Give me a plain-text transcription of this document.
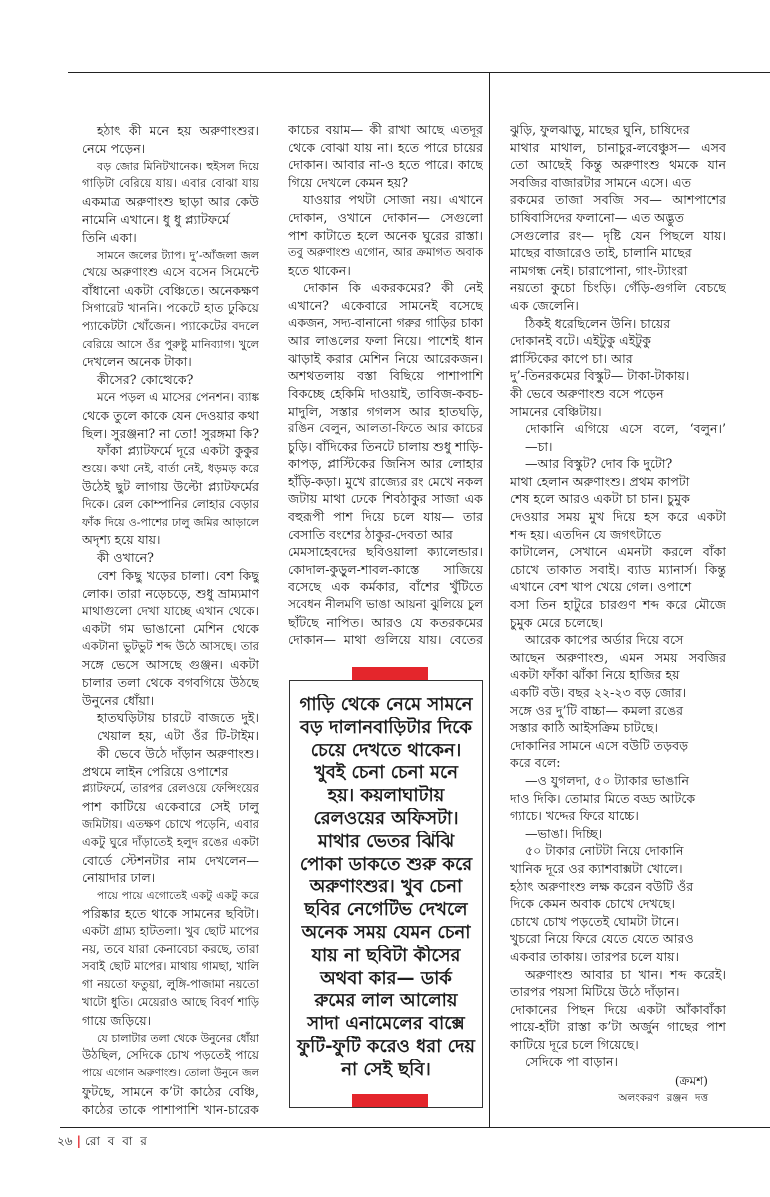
হঠাৎ কী মনে হয় অরুণাংশুর।
নেমে পড়েন।
বড় জোর মিনিটখানেক। হুইসল দিয়ে
গাড়িটা বেরিয়ে যায়। এবার বোঝা যায়
একমাত্র অরুণাংশু ছাড়া আর কেউ
নামেনি এখানে। ধু ধু প্ল্যাটফর্মে
তিনি একা।
সামনে জলের ট্যাপ। দু’-আঁজলা জল
খেয়ে অরুণাংশু এসে বসেন সিমেন্টে
বাঁধানো একটা বেঞ্চিতে। অনেকক্ষণ
সিগারেট খাননি। পকেটে হাত ঢুকিয়ে
প্যাকেটটা খোঁজেন। প্যাকেটের বদলে
বেরিয়ে আসে ওঁর পুরুষ্টু মানিব্যাগ। খুলে
দেখলেন অনেক টাকা।
কীসের? কোত্থেকে?
মনে পড়ল এ মাসের পেনশন। ব্যাঙ্ক
থেকে তুলে কাকে যেন দেওয়ার কথা
ছিল। সুরঞ্জনা? না তো! সুরঙ্গমা কি?
ফাঁকা প্ল্যাটফর্মে দূরে একটা কুকুর
শুয়ে। কথা নেই, বার্তা নেই, ধড়মড় করে
উঠেই ছুট লাগায় উল্টো প্ল্যাটফর্মের
দিকে। রেল কোম্পানির লোহার বেড়ার
ফাঁক দিয়ে ও-পাশের ঢালু জমির আড়ালে
অদৃশ্য হয়ে যায়।
কী ওখানে?
বেশ কিছু খড়ের চালা। বেশ কিছু
লোক। তারা নড়েচড়ে, শুধু ভ্রাম্যমাণ
মাথাগুলো দেখা যাচ্ছে এখান থেকে।
একটা গম ভাঙানো মেশিন থেকে
একটানা ভুটভুট শব্দ উঠে আসছে। তার
সঙ্গে ভেসে আসছে গুঞ্জন। একটা
চালার তলা থেকে বগবগিয়ে উঠছে
উনুনের ধোঁয়া।
হাতঘড়িটায় চারটে বাজতে দুই।
খেয়াল হয়, এটা ওঁর টি-টাইম।
কী ভেবে উঠে দাঁড়ান অরুণাংশু।
প্রথমে লাইন পেরিয়ে ওপাশের
প্ল্যাটফর্মে, তারপর রেলওয়ে ফেন্সিংয়ের
পাশ কাটিয়ে একেবারে সেই ঢালু
জমিটায়। এতক্ষণ চোখে পড়েনি, এবার
একটু ঘুরে দাঁড়াতেই হলুদ রঙের একটা
বোর্ডে স্টেশনটার নাম দেখলেন—
নোয়াদার ঢাল।
পায়ে পায়ে এগোতেই একটু একটু করে
পরিষ্কার হতে থাকে সামনের ছবিটা।
একটা গ্রাম্য হাটতলা। খুব ছোট মাপের
নয়, তবে যারা কেনাবেচা করছে, তারা
সবাই ছোট মাপের। মাথায় গামছা, খালি
গা নয়তো ফতুয়া, লুঙ্গি-পাজামা নয়তো
খাটো ধুতি। মেয়েরাও আছে বিবর্ণ শাড়ি
গায়ে জড়িয়ে।
যে চালাটার তলা থেকে উনুনের ধোঁয়া
উঠছিল, সেদিকে চোখ পড়তেই পায়ে
পায়ে এগোন অরুণাংশু। তোলা উনুনে জল
ফুটছে, সামনে ক’টা কাঠের বেঞ্চি,
কাঠের তাকে পাশাপাশি খান-চারেক
কাচের বয়াম— কী রাখা আছে এতদূর
থেকে বোঝা যায় না। হতে পারে চায়ের
দোকান। আবার না-ও হতে পারে। কাছে
গিয়ে দেখলে কেমন হয়?
যাওয়ার পথটা সোজা নয়। এখানে
দোকান, ওখানে দোকান— সেগুলো
পাশ কাটাতে হলে অনেক ঘুরের রাস্তা।
তবু অরুণাংশু এগোন, আর ক্রমাগত অবাক
হতে থাকেন।
দোকান কি একরকমের? কী নেই
এখানে? একেবারে সামনেই বসেছে
একজন, সদ্য-বানানো গরুর গাড়ির চাকা
আর লাঙলের ফলা নিয়ে। পাশেই ধান
ঝাড়াই করার মেশিন নিয়ে আরেকজন।
অশথতলায় বস্তা বিছিয়ে পাশাপাশি
বিকচ্ছে হেকিমি দাওয়াই, তাবিজ-কবচ-
মাদুলি, সস্তার গগলস আর হাতঘড়ি,
রঙিন বেলুন, আলতা-ফিতে আর কাচের
চুড়ি। বাঁদিকের তিনটে চালায় শুধু শাড়ি-
কাপড়, প্লাস্টিকের জিনিস আর লোহার
হাঁড়ি-কড়া। মুখে রাজ্যের রং মেখে নকল
জটায় মাথা ঢেকে শিবঠাকুর সাজা এক
বহুরূপী পাশ দিয়ে চলে যায়— তার
বেসাতি বংশের ঠাকুর-দেবতা আর
মেমসাহেবদের ছবিওয়ালা ক্যালেন্ডার।
কোদাল-কুড়ুল-শাবল-কাস্তে সাজিয়ে
বসেছে এক কর্মকার, বাঁশের খুঁটিতে
সবেধন নীলমণি ভাঙা আয়না ঝুলিয়ে চুল
ছাঁটছে নাপিত। আরও যে কতরকমের
দোকান— মাথা গুলিয়ে যায়। বেতের
ঝুড়ি, ফুলঝাড়ু, মাছের ঘুনি, চাষিদের
মাথার মাথাল, চানাচুর-লবেঞ্চুস— এসব
তো আছেই কিন্তু অরুণাংশু থমকে যান
সবজির বাজারটার সামনে এসে। এত
রকমের তাজা সবজি সব— আশপাশের
চাষিবাসিদের ফলানো— এত অদ্ভুত
সেগুলোর রং— দৃষ্টি যেন পিছলে যায়।
মাছের বাজারেও তাই, চালানি মাছের
নামগন্ধ নেই। চারাপোনা, গাং-ট্যাংরা
নয়তো কুচো চিংড়ি। গেঁড়ি-গুগলি বেচছে
এক জেলেনি।
ঠিকই ধরেছিলেন উনি। চায়ের
দোকানই বটে। এইটুকু এইটুকু
প্লাস্টিকের কাপে চা। আর
দু’-তিনরকমের বিস্কুট— টাকা-টাকায়।
কী ভেবে অরুণাংশু বসে পড়েন
সামনের বেঞ্চিটায়।
দোকানি এগিয়ে এসে বলে, ‘বলুন।’
—চা।
—আর বিস্কুট? দোব কি দুটো?
মাথা হেলান অরুণাংশু। প্রথম কাপটা
শেষ হলে আরও একটা চা চান। চুমুক
দেওয়ার সময় মুখ দিয়ে হস করে একটা
শব্দ হয়। এতদিন যে জগৎটাতে
কাটালেন, সেখানে এমনটা করলে বাঁকা
চোখে তাকাত সবাই। ব্যাড ম্যানার্স। কিন্তু
এখানে বেশ খাপ খেয়ে গেল। ওপাশে
বসা তিন হাটুরে চারগুণ শব্দ করে মৌজে
চুমুক মেরে চলেছে।
আরেক কাপের অর্ডার দিয়ে বসে
আছেন অরুণাংশু, এমন সময় সবজির
একটা ফাঁকা ঝাঁকা নিয়ে হাজির হয়
একটি বউ। বছর ২২-২৩ বড় জোর।
সঙ্গে ওর দু’টি বাচ্চা— কমলা রঙের
সস্তার কাঠি আইসক্রিম চাটছে।
দোকানির সামনে এসে বউটি তড়বড়
করে বলে:
—ও যুগলদা, ৫০ ট্যাকার ভাঙানি
দাও দিকি। তোমার মিতে বড্ড আটকে
গ্যাচে। খদ্দের ফিরে যাচ্চে।
—ভাঙা। দিচ্ছি।
৫০ টাকার নোটটা নিয়ে দোকানি
খানিক দূরে ওর ক্যাশবাক্সটা খোলে।
হঠাৎ অরুণাংশু লক্ষ করেন বউটি ওঁর
দিকে কেমন অবাক চোখে দেখছে।
চোখে চোখ পড়তেই ঘোমটা টানে।
খুচরো নিয়ে ফিরে যেতে যেতে আরও
একবার তাকায়। তারপর চলে যায়।
অরুণাংশু আবার চা খান। শব্দ করেই।
তারপর পয়সা মিটিয়ে উঠে দাঁড়ান।
দোকানের পিছন দিয়ে একটা আঁকাবাঁকা
পায়ে-হাঁটা রাস্তা ক’টা অর্জুন গাছের পাশ
কাটিয়ে দূরে চলে গিয়েছে।
সেদিকে পা বাড়ান।
গাড়ি থেকে নেমে সামনে
বড় দালানবাড়িটার দিকে
চেয়ে দেখতে থাকেন।
খুবই চেনা চেনা মনে
হয়। কয়লাঘাটায়
রেলওয়ের অফিসটা।
মাথার ভেতর ঝিঁঝি
পোকা ডাকতে শুরু করে
অরুণাংশুর। খুব চেনা
ছবির নেগেটিভ দেখলে
অনেক সময় যেমন চেনা
যায় না ছবিটা কীসের
অথবা কার— ডার্ক
রুমের লাল আলোয়
সাদা এনামেলের বাক্সে
ফুটি-ফুটি করেও ধরা দেয়
না সেই ছবি।
(ক্রমশ)
অলংকরণ রঞ্জন দত্ত
২৬ | রো ব বা র
